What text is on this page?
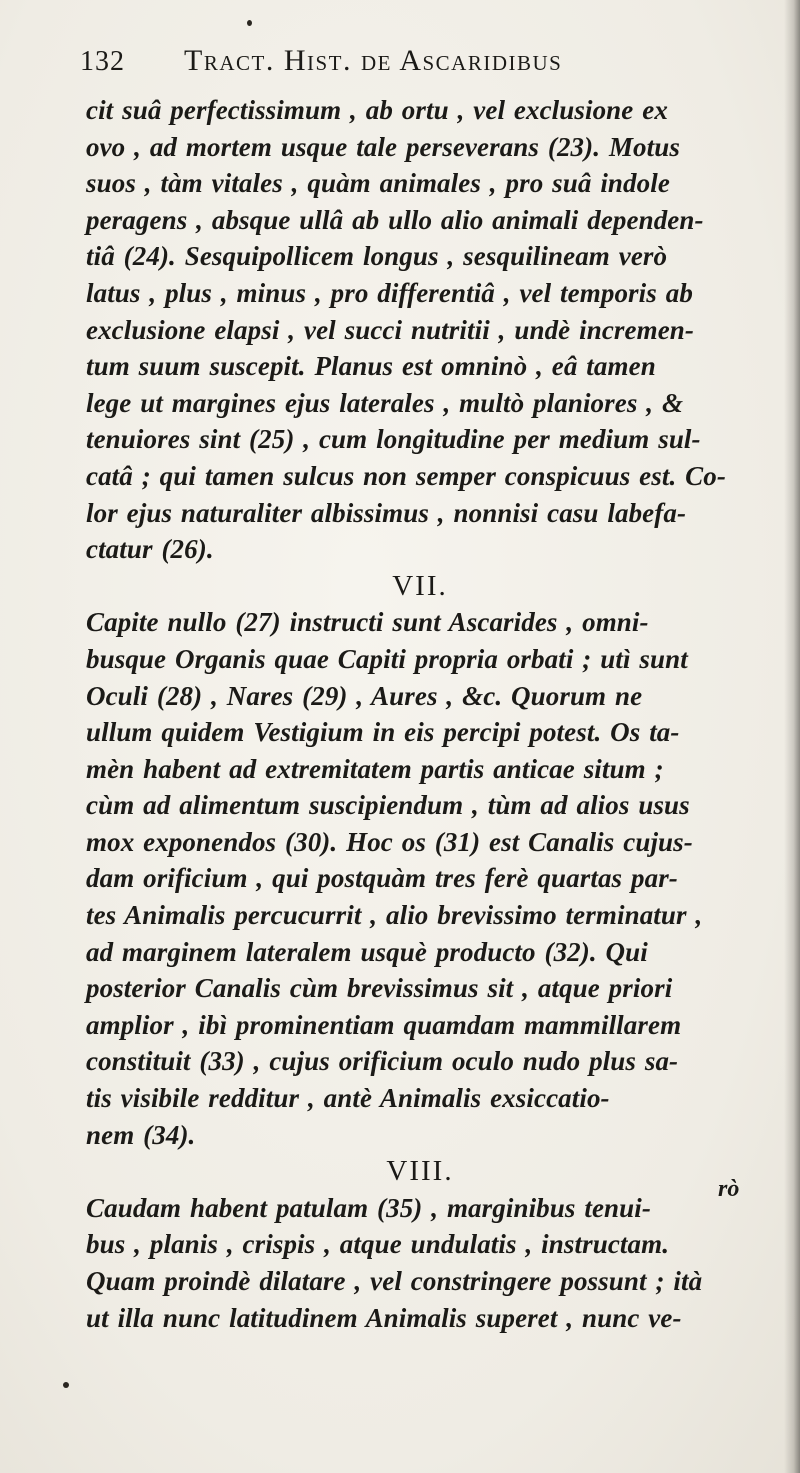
132 Tract. Hist. de Ascaridibus
cit suâ perfectissimum , ab ortu , vel exclusione ex
ovo , ad mortem usque tale perseverans (23). Motus
suos , tàm vitales , quàm animales , pro suâ indole
peragens , absque ullâ ab ullo alio animali dependen-
tiâ (24). Sesquipollicem longus , sesquilineam verò
latus , plus , minus , pro differentiâ , vel temporis ab
exclusione elapsi , vel succi nutritii , undè incremen-
tum suum suscepit. Planus est omninò , eâ tamen
lege ut margines ejus laterales , multò planiores , &
tenuiores sint (25) , cum longitudine per medium sul-
catâ ; qui tamen sulcus non semper conspicuus est. Co-
lor ejus naturaliter albissimus , nonnisi casu labefa-
ctatur (26).
VII.
Capite nullo (27) instructi sunt Ascarides , omni-
busque Organis quae Capiti propria orbati ; utì sunt
Oculi (28) , Nares (29) , Aures , &c. Quorum ne
ullum quidem Vestigium in eis percipi potest. Os ta-
mèn habent ad extremitatem partis anticae situm ;
cùm ad alimentum suscipiendum , tùm ad alios usus
mox exponendos (30). Hoc os (31) est Canalis cujus-
dam orificium , qui postquàm tres ferè quartas par-
tes Animalis percucurrit , alio brevissimo terminatur ,
ad marginem lateralem usquè producto (32). Qui
posterior Canalis cùm brevissimus sit , atque priori
amplior , ibì prominentiam quamdam mammillarem
constituit (33) , cujus orificium oculo nudo plus sa-
tis visibile redditur , antè Animalis exsiccatio-
nem (34).
VIII.
Caudam habent patulam (35) , marginibus tenui-
bus , planis , crispis , atque undulatis , instructam.
Quam proindè dilatare , vel constringere possunt ; ità
ut illa nunc latitudinem Animalis superet , nunc ve-
rò
